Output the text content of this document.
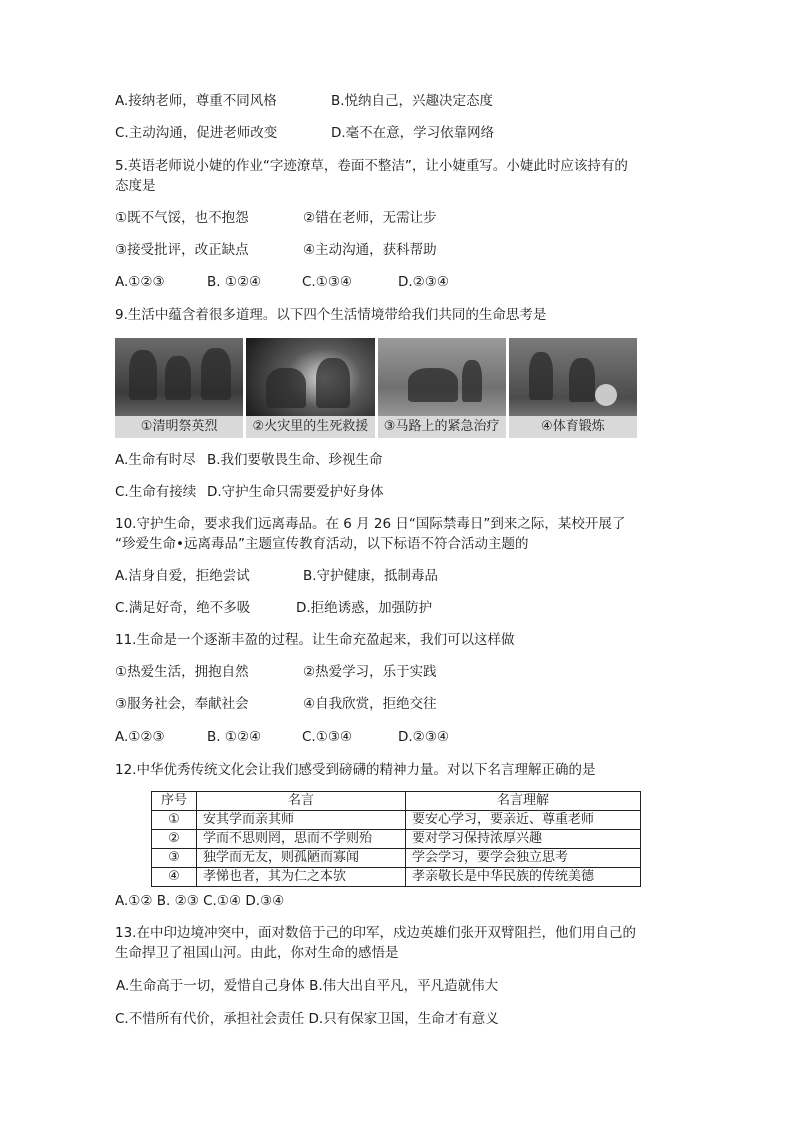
A.接纳老师，尊重不同风格	B.悦纳自己，兴趣决定态度
C.主动沟通，促进老师改变	D.毫不在意，学习依靠网络
5.英语老师说小婕的作业“字迹潦草，卷面不整洁”，让小婕重写。小婕此时应该持有的
态度是
①既不气馁，也不抱怨	②错在老师，无需让步
③接受批评，改正缺点	④主动沟通，获科帮助
A.①②③	B. ①②④	C.①③④	D.②③④
9.生活中蕴含着很多道理。以下四个生活情境带给我们共同的生命思考是
①清明祭英烈	②火灾里的生死救援	③马路上的紧急治疗	④体育锻炼
A.生命有时尽 B.我们要敬畏生命、珍视生命
C.生命有接续 D.守护生命只需要爱护好身体
10.守护生命，要求我们远离毒品。在 6 月 26 日“国际禁毒日”到来之际，某校开展了
“珍爱生命•远离毒品”主题宣传教育活动，以下标语不符合活动主题的
A.洁身自爱，拒绝尝试	B.守护健康，抵制毒品
C.满足好奇，绝不多吸	D.拒绝诱惑，加强防护
11.生命是一个逐渐丰盈的过程。让生命充盈起来，我们可以这样做
①热爱生活，拥抱自然	②热爱学习，乐于实践
③服务社会，奉献社会	④自我欣赏，拒绝交往
A.①②③	B. ①②④	C.①③④	D.②③④
12.中华优秀传统文化会让我们感受到磅礴的精神力量。对以下名言理解正确的是
序号	名言	名言理解
①	安其学而亲其师	要安心学习，要亲近、尊重老师
②	学而不思则罔，思而不学则殆	要对学习保持浓厚兴趣
③	独学而无友，则孤陋而寡闻	学会学习，要学会独立思考
④	孝悌也者，其为仁之本欤	孝亲敬长是中华民族的传统美德
A.①② B. ②③ C.①④ D.③④
13.在中印边境冲突中，面对数倍于己的印军，戍边英雄们张开双臂阻拦，他们用自己的
生命捍卫了祖国山河。由此，你对生命的感悟是
A.生命高于一切，爱惜自己身体 B.伟大出自平凡，平凡造就伟大
C.不惜所有代价，承担社会责任 D.只有保家卫国，生命才有意义
